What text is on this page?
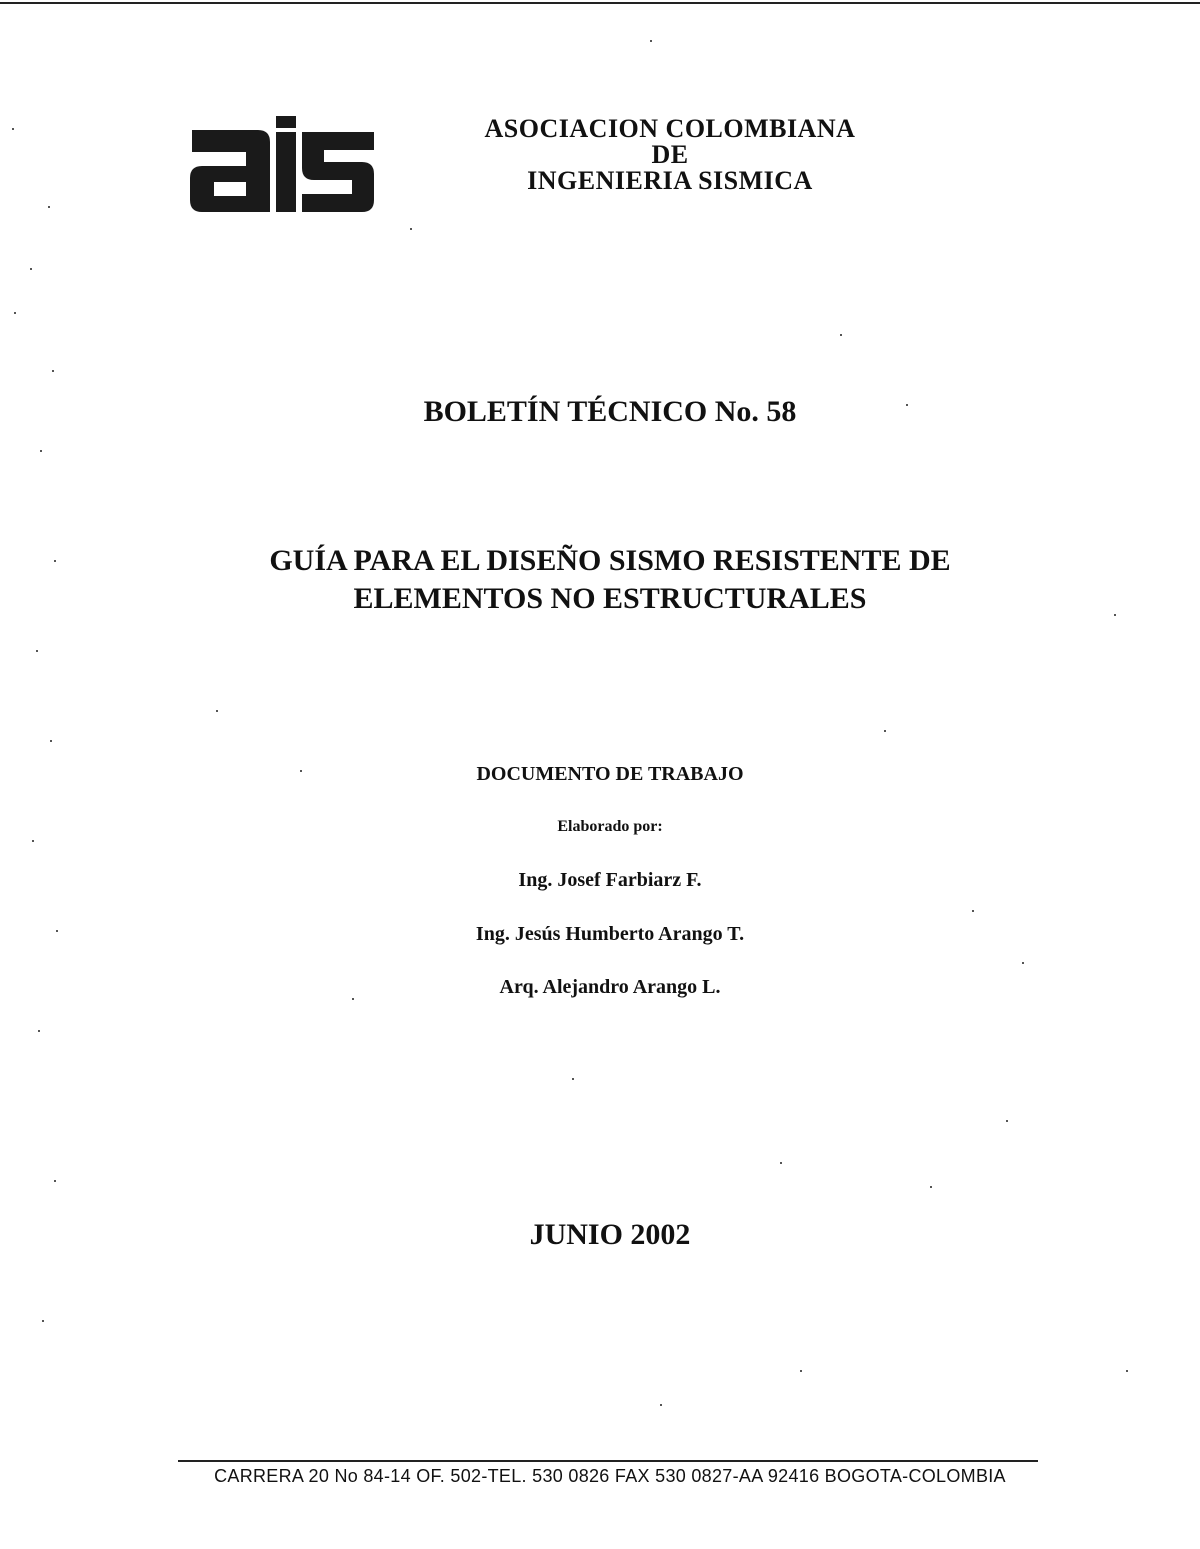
ASOCIACION COLOMBIANA
DE
INGENIERIA SISMICA
BOLETÍN TÉCNICO No. 58
GUÍA PARA EL DISEÑO SISMO RESISTENTE DE
ELEMENTOS NO ESTRUCTURALES
DOCUMENTO DE TRABAJO
Elaborado por:
Ing. Josef Farbiarz F.
Ing. Jesús Humberto Arango T.
Arq. Alejandro Arango L.
JUNIO 2002
CARRERA 20 No 84-14 OF. 502-TEL. 530 0826 FAX 530 0827-AA 92416 BOGOTA-COLOMBIA
